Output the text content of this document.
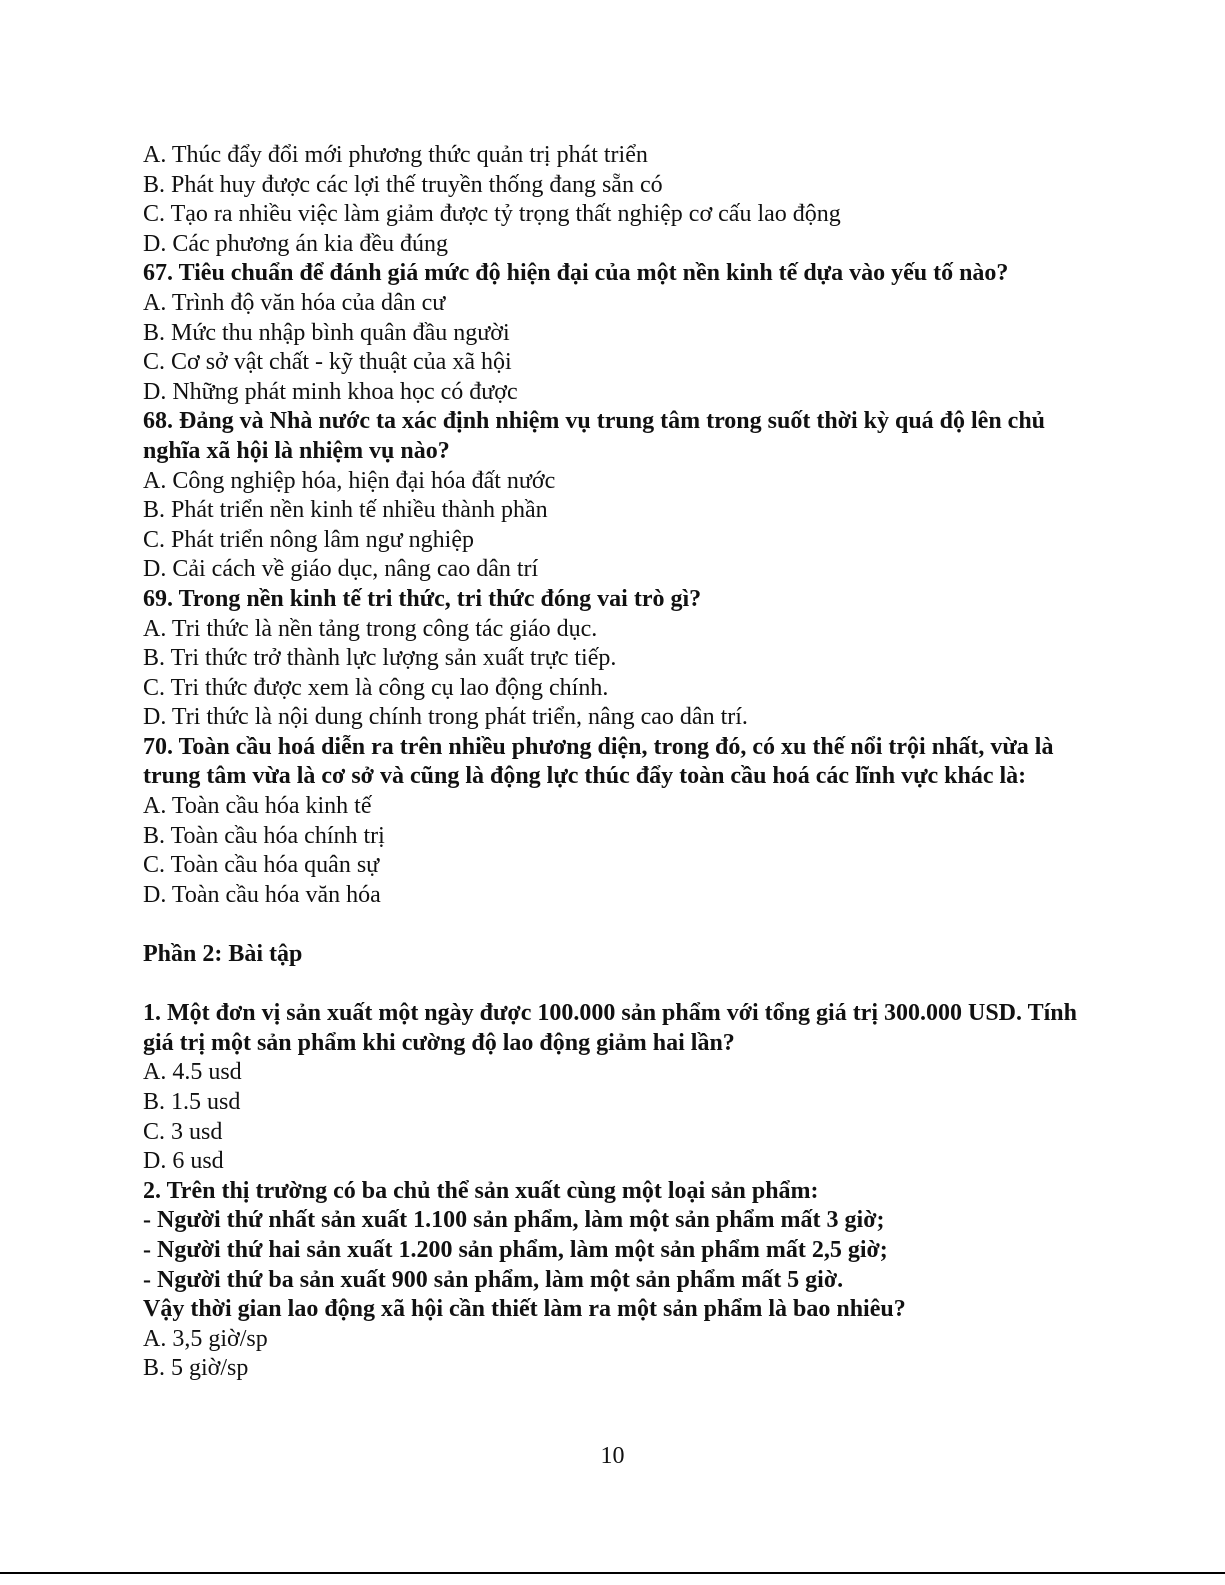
A. Thúc đẩy đổi mới phương thức quản trị phát triển
B. Phát huy được các lợi thế truyền thống đang sẵn có
C. Tạo ra nhiều việc làm giảm được tỷ trọng thất nghiệp cơ cấu lao động
D. Các phương án kia đều đúng
67. Tiêu chuẩn để đánh giá mức độ hiện đại của một nền kinh tế dựa vào yếu tố nào?
A. Trình độ văn hóa của dân cư
B. Mức thu nhập bình quân đầu người
C. Cơ sở vật chất - kỹ thuật của xã hội
D. Những phát minh khoa học có được
68. Đảng và Nhà nước ta xác định nhiệm vụ trung tâm trong suốt thời kỳ quá độ lên chủ nghĩa xã hội là nhiệm vụ nào?
A. Công nghiệp hóa, hiện đại hóa đất nước
B. Phát triển nền kinh tế nhiều thành phần
C. Phát triển nông lâm ngư nghiệp
D. Cải cách về giáo dục, nâng cao dân trí
69. Trong nền kinh tế tri thức, tri thức đóng vai trò gì?
A. Tri thức là nền tảng trong công tác giáo dục.
B. Tri thức trở thành lực lượng sản xuất trực tiếp.
C. Tri thức được xem là công cụ lao động chính.
D. Tri thức là nội dung chính trong phát triển, nâng cao dân trí.
70. Toàn cầu hoá diễn ra trên nhiều phương diện, trong đó, có xu thế nổi trội nhất, vừa là trung tâm vừa là cơ sở và cũng là động lực thúc đẩy toàn cầu hoá các lĩnh vực khác là:
A. Toàn cầu hóa kinh tế
B. Toàn cầu hóa chính trị
C. Toàn cầu hóa quân sự
D. Toàn cầu hóa văn hóa
Phần 2: Bài tập
1. Một đơn vị sản xuất một ngày được 100.000 sản phẩm với tổng giá trị 300.000 USD. Tính giá trị một sản phẩm khi cường độ lao động giảm hai lần?
A. 4.5 usd
B. 1.5 usd
C. 3 usd
D. 6 usd
2. Trên thị trường có ba chủ thể sản xuất cùng một loại sản phẩm:
- Người thứ nhất sản xuất 1.100 sản phẩm, làm một sản phẩm mất 3 giờ;
- Người thứ hai sản xuất 1.200 sản phẩm, làm một sản phẩm mất 2,5 giờ;
- Người thứ ba sản xuất 900 sản phẩm, làm một sản phẩm mất 5 giờ.
Vậy thời gian lao động xã hội cần thiết làm ra một sản phẩm là bao nhiêu?
A. 3,5 giờ/sp
B. 5 giờ/sp
10
